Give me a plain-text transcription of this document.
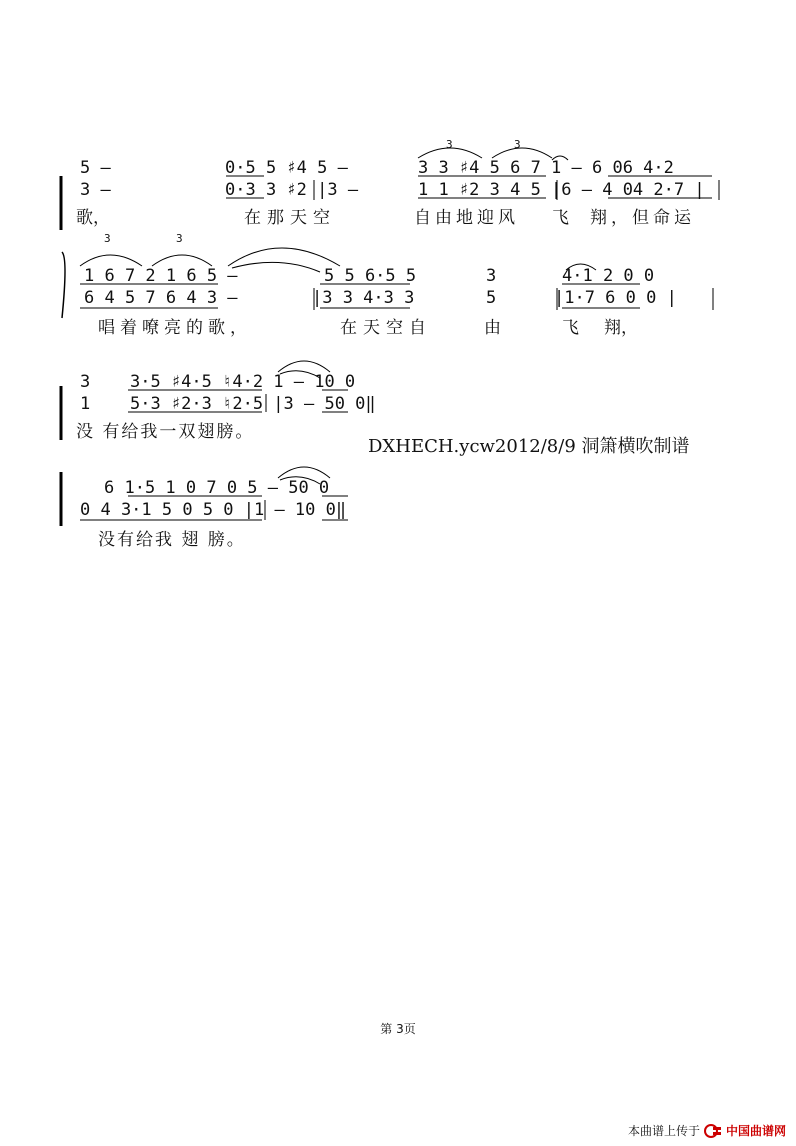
5 –	0·5 5 ♯4 5 –	3 3 ♯4 5 6 7 1 – 6 06 4·2
3 –	0·3 3 ♯2 |3 –	1 1 ♯2 3 4 5 |6 – 4 04 2·7 |
歌，	在那天空	自由地迎风 飞 翔，但命运
3	3
1 6 7 2 1 6 5 –	5 5 6·5 5	3	4·1 2 0 0
6 4 5 7 6 4 3 –	|3 3 4·3 3	5	|1·7 6 0 0 |
唱着嘹亮的歌，	在天空自	由	飞 翔，
3	3
3 3·5 ♯4·5 ♮4·2 1 – 10 0
1 5·3 ♯2·3 ♮2·5 |3 – 50 0‖
没 有给我一双翅膀。
DXHECH.ycw2012/8/9 洞箫横吹制谱
6 1·5 1 0 7 0 5 – 50 0
0 4 3·1 5 0 5 0 |1 – 10 0‖
没有给我 翅 膀。
第 3页
本曲谱上传于 中国曲谱网
